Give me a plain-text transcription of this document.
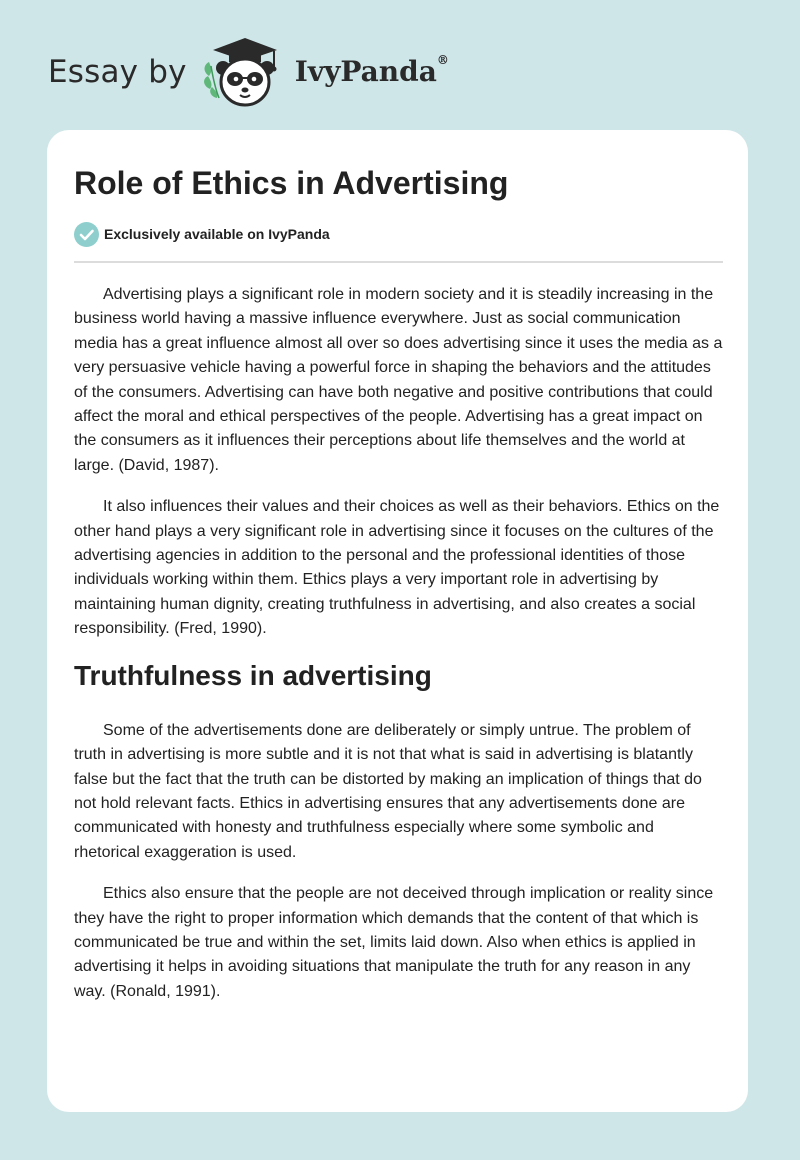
Essay by	IvyPanda®
Role of Ethics in Advertising
Exclusively available on IvyPanda

Advertising plays a significant role in modern society and it is steadily increasing in the business world having a massive influence everywhere. Just as social communication media has a great influence almost all over so does advertising since it uses the media as a very persuasive vehicle having a powerful force in shaping the behaviors and the attitudes of the consumers. Advertising can have both negative and positive contributions that could affect the moral and ethical perspectives of the people. Advertising has a great impact on the consumers as it influences their perceptions about life themselves and the world at large. (David, 1987).

It also influences their values and their choices as well as their behaviors. Ethics on the other hand plays a very significant role in advertising since it focuses on the cultures of the advertising agencies in addition to the personal and the professional identities of those individuals working within them. Ethics plays a very important role in advertising by maintaining human dignity, creating truthfulness in advertising, and also creates a social responsibility. (Fred, 1990).

Truthfulness in advertising

Some of the advertisements done are deliberately or simply untrue. The problem of truth in advertising is more subtle and it is not that what is said in advertising is blatantly false but the fact that the truth can be distorted by making an implication of things that do not hold relevant facts. Ethics in advertising ensures that any advertisements done are communicated with honesty and truthfulness especially where some symbolic and rhetorical exaggeration is used.

Ethics also ensure that the people are not deceived through implication or reality since they have the right to proper information which demands that the content of that which is communicated be true and within the set, limits laid down. Also when ethics is applied in advertising it helps in avoiding situations that manipulate the truth for any reason in any way. (Ronald, 1991).
